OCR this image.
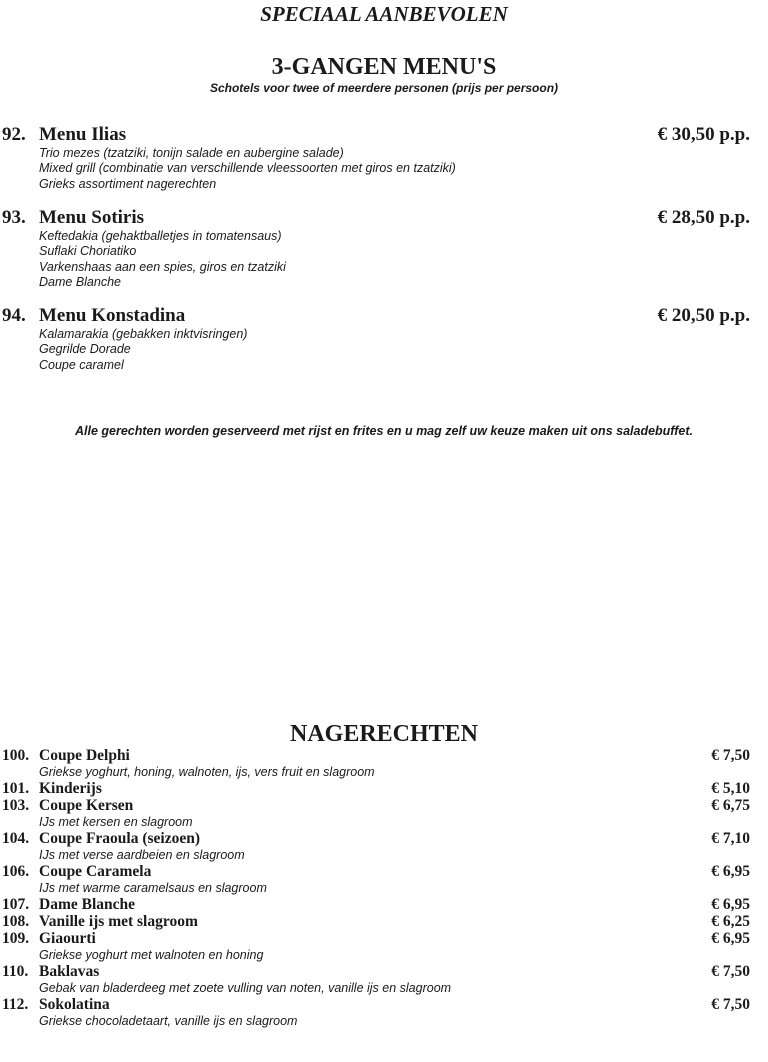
SPECIAAL AANBEVOLEN
3-GANGEN MENU'S
Schotels voor twee of meerdere personen (prijs per persoon)
92. Menu Ilias	€ 30,50 p.p.
Trio mezes (tzatziki, tonijn salade en aubergine salade)
Mixed grill (combinatie van verschillende vleessoorten met giros en tzatziki)
Grieks assortiment nagerechten
93. Menu Sotiris	€ 28,50 p.p.
Keftedakia (gehaktballetjes in tomatensaus)
Suflaki Choriatiko
Varkenshaas aan een spies, giros en tzatziki
Dame Blanche
94. Menu Konstadina	€ 20,50 p.p.
Kalamarakia (gebakken inktvisringen)
Gegrilde Dorade
Coupe caramel
Alle gerechten worden geserveerd met rijst en frites en u mag zelf uw keuze maken uit ons saladebuffet.
NAGERECHTEN
100. Coupe Delphi	€ 7,50
Griekse yoghurt, honing, walnoten, ijs, vers fruit en slagroom
101. Kinderijs	€ 5,10
103. Coupe Kersen	€ 6,75
IJs met kersen en slagroom
104. Coupe Fraoula (seizoen)	€ 7,10
IJs met verse aardbeien en slagroom
106. Coupe Caramela	€ 6,95
IJs met warme caramelsaus en slagroom
107. Dame Blanche	€ 6,95
108. Vanille ijs met slagroom	€ 6,25
109. Giaourti	€ 6,95
Griekse yoghurt met walnoten en honing
110. Baklavas	€ 7,50
Gebak van bladerdeeg met zoete vulling van noten, vanille ijs en slagroom
112. Sokolatina	€ 7,50
Griekse chocoladetaart, vanille ijs en slagroom
